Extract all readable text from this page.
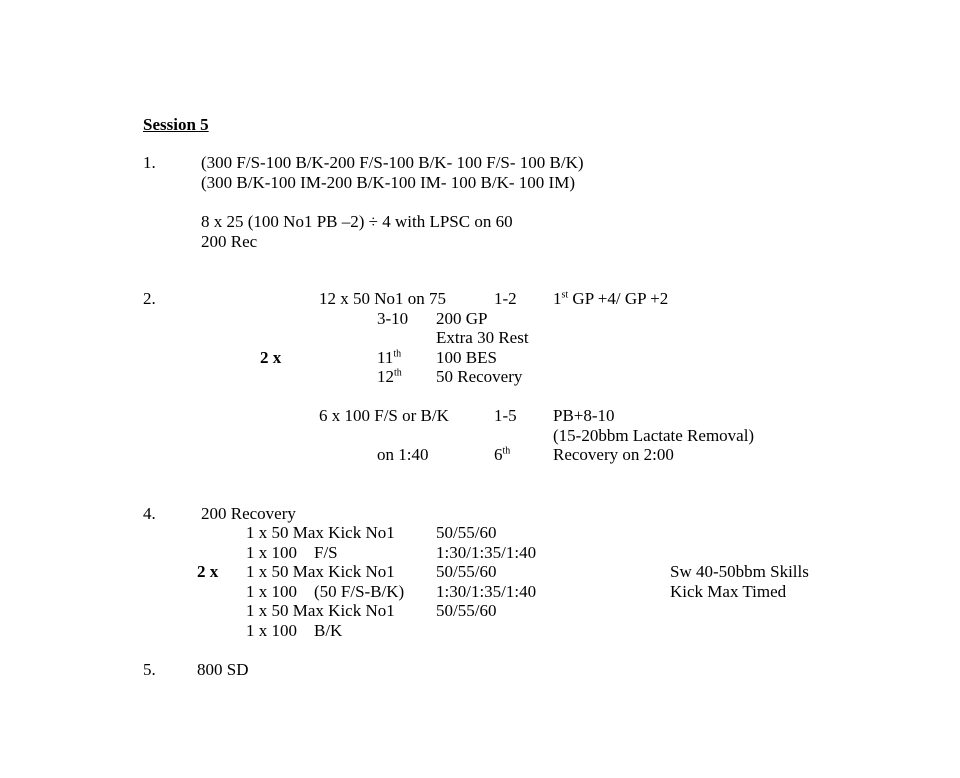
Session 5
1.	(300 F/S-100 B/K-200 F/S-100 B/K- 100 F/S- 100 B/K)
(300 B/K-100 IM-200 B/K-100 IM- 100 B/K- 100 IM)
8 x 25 (100 No1 PB –2) ÷ 4 with LPSC on 60
200 Rec
2.	12 x 50 No1 on 75	1-2 1st GP +4/ GP +2
3-10 200 GP
Extra 30 Rest
2 x	11th 100 BES
12th 50 Recovery
6 x 100 F/S or B/K	1-5 PB+8-10
(15-20bbm Lactate Removal)
on 1:40	6th	Recovery on 2:00
4.	200 Recovery
1 x 50 Max Kick No1 50/55/60
1 x 100    F/S	1:30/1:35/1:40
2 x 1 x 50 Max Kick No1 50/55/60	Sw 40-50bbm Skills
1 x 100    (50 F/S-B/K) 1:30/1:35/1:40	Kick Max Timed
1 x 50 Max Kick No1 50/55/60
1 x 100    B/K
5. 800 SD
